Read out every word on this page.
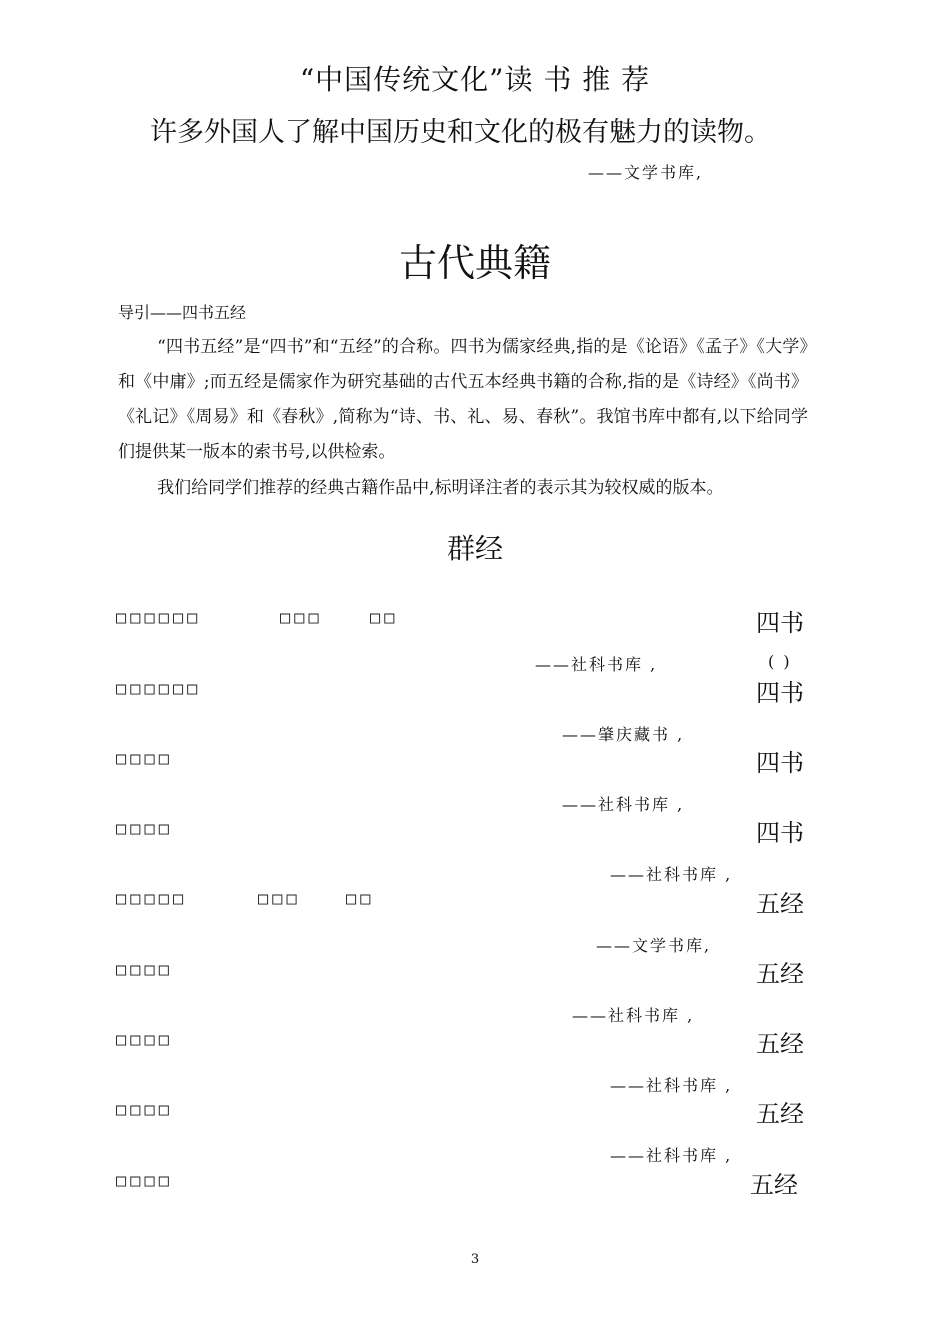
“中国传统文化”读 书 推 荐
许多外国人了解中国历史和文化的极有魅力的读物。
——文学书库,
古代典籍
导引——四书五经
“四书五经”是“四书”和“五经”的合称。四书为儒家经典,指的是《论语》《孟子》《大学》和《中庸》;而五经是儒家作为研究基础的古代五本经典书籍的合称,指的是《诗经》《尚书》《礼记》《周易》和《春秋》,简称为“诗、书、礼、易、春秋”。我馆书库中都有,以下给同学们提供某一版本的索书号,以供检索。
我们给同学们推荐的经典古籍作品中,标明译注者的表示其为较权威的版本。
群经
□□□□□□	□□□	□□	四书
——社科书库 ,	( )
□□□□□□	四书
——肇庆藏书 ,
□□□□	四书
——社科书库 ,
□□□□	四书
——社科书库 ,
□□□□□	□□□	□□	五经
——文学书库,
□□□□	五经
——社科书库 ,
□□□□	五经
——社科书库 ,
□□□□	五经
——社科书库 ,
□□□□	五经
3
